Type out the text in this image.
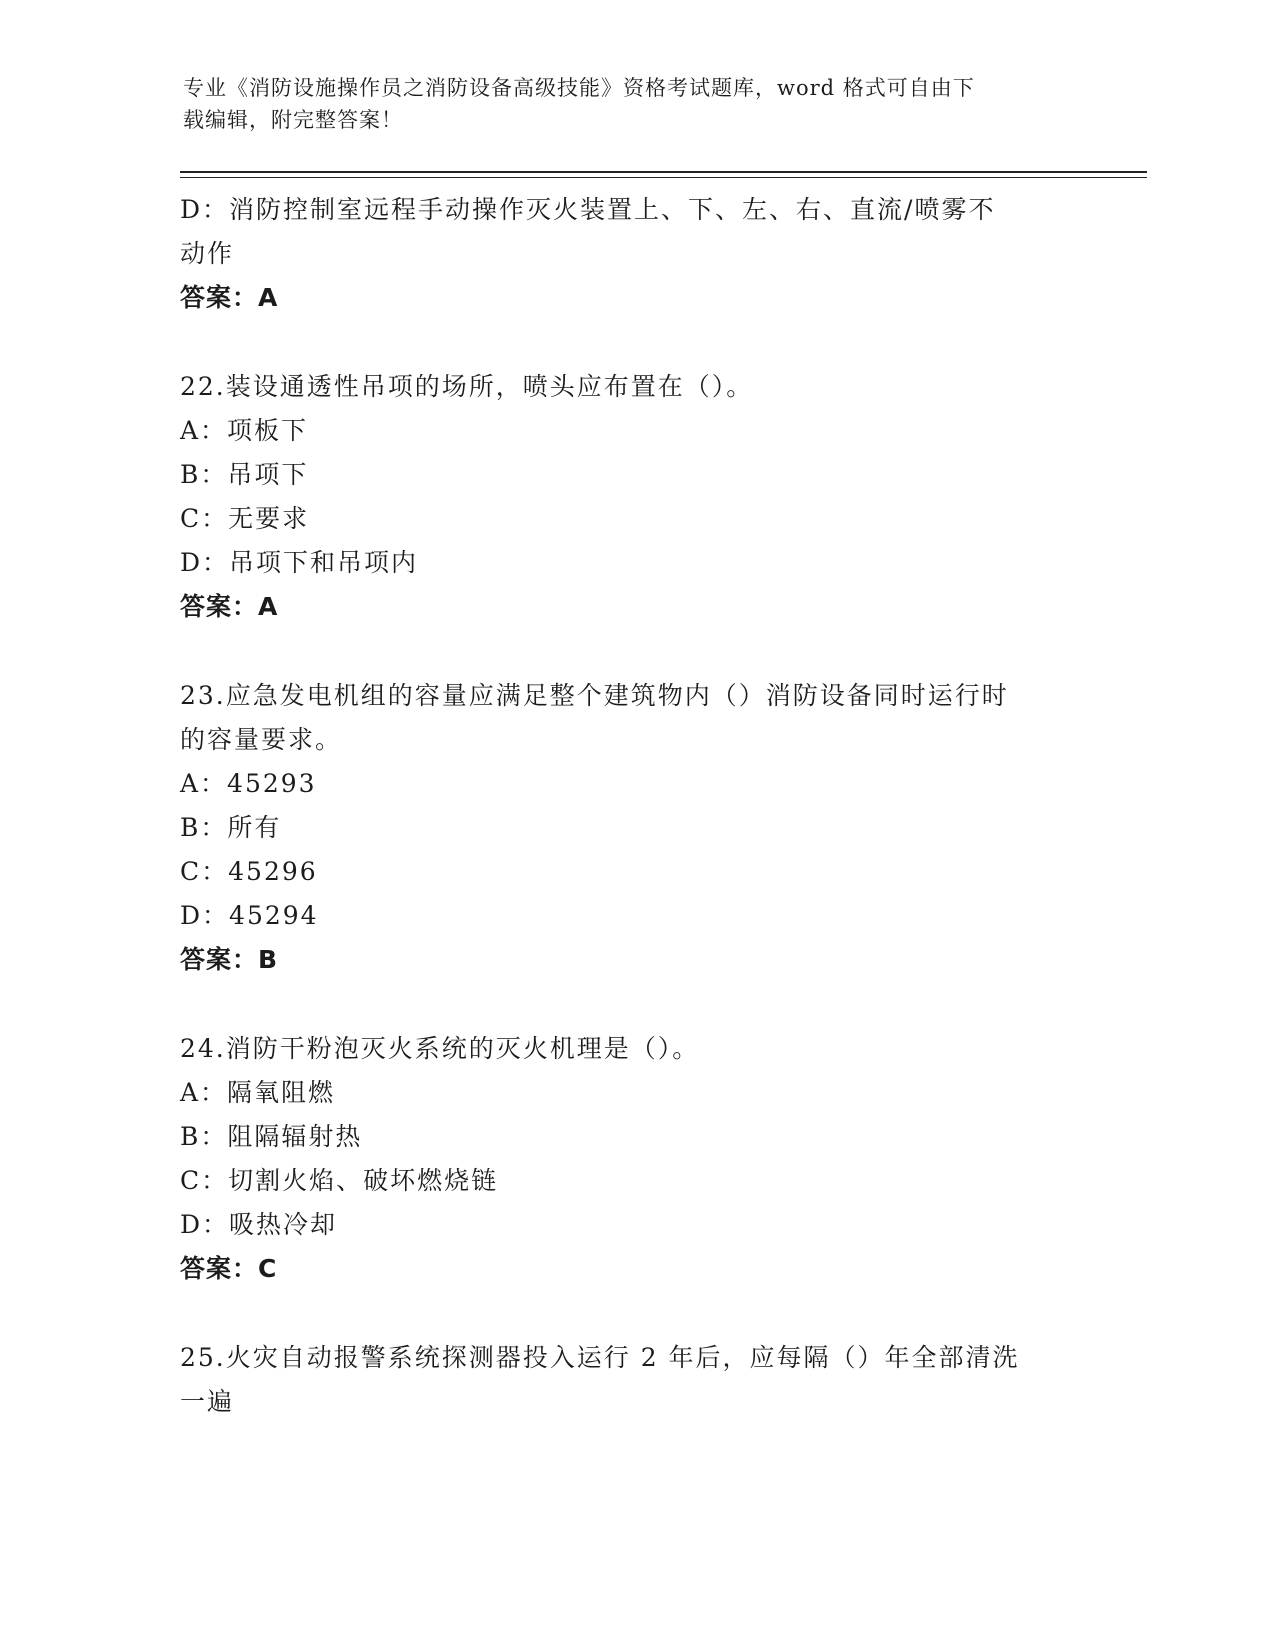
专业《消防设施操作员之消防设备高级技能》资格考试题库，word 格式可自由下
载编辑，附完整答案！
D：消防控制室远程手动操作灭火装置上、下、左、右、直流/喷雾不
动作
答案：A
22.装设通透性吊项的场所，喷头应布置在（）。
A：项板下
B：吊项下
C：无要求
D：吊项下和吊项内
答案：A
23.应急发电机组的容量应满足整个建筑物内（）消防设备同时运行时
的容量要求。
A：45293
B：所有
C：45296
D：45294
答案：B
24.消防干粉泡灭火系统的灭火机理是（）。
A：隔氧阻燃
B：阻隔辐射热
C：切割火焰、破坏燃烧链
D：吸热冷却
答案：C
25.火灾自动报警系统探测器投入运行 2 年后，应每隔（）年全部清洗
一遍
